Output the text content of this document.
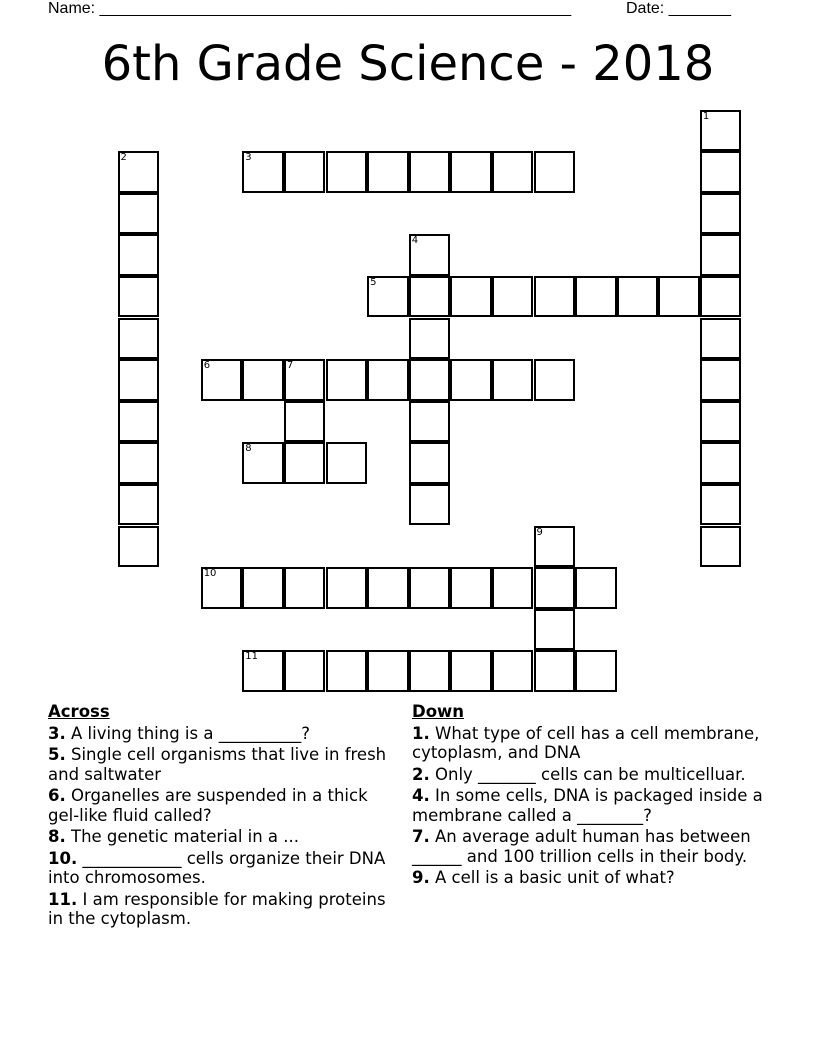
Name: _____________________________________________________	Date: _______
6th Grade Science - 2018
1
2	3
4
5
6	7
8
9
10
11
Across
3. A living thing is a __________?
5. Single cell organisms that live in fresh and saltwater
6. Organelles are suspended in a thick gel-like fluid called?
8. The genetic material in a ...
10. ____________ cells organize their DNA into chromosomes.
11. I am responsible for making proteins in the cytoplasm.
Down
1. What type of cell has a cell membrane, cytoplasm, and DNA
2. Only _______ cells can be multicelluar.
4. In some cells, DNA is packaged inside a membrane called a ________?
7. An average adult human has between ______ and 100 trillion cells in their body.
9. A cell is a basic unit of what?
